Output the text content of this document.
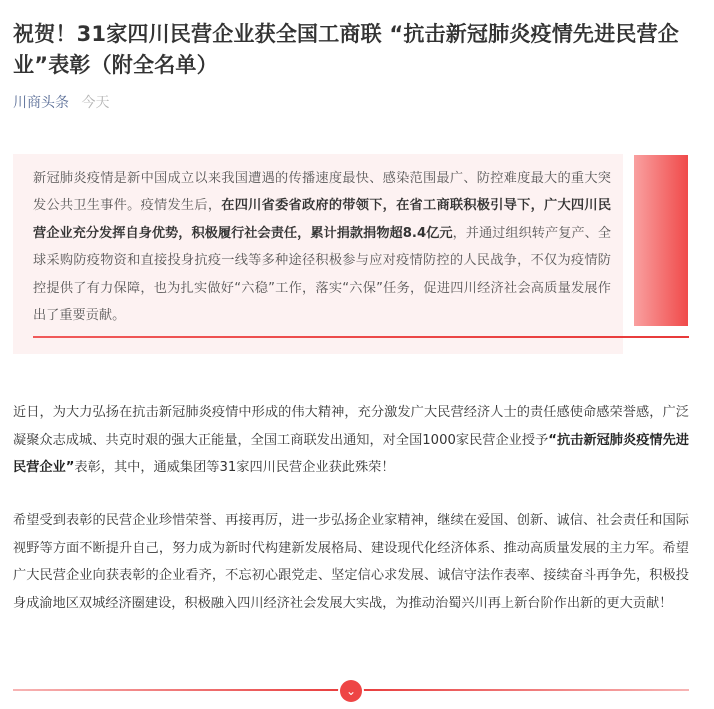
祝贺！31家四川民营企业获全国工商联 “抗击新冠肺炎疫情先进民营企业”表彰（附全名单）
川商头条 今天

新冠肺炎疫情是新中国成立以来我国遭遇的传播速度最快、感染范围最广、防控难度最大的重大突发公共卫生事件。疫情发生后，在四川省委省政府的带领下，在省工商联积极引导下，广大四川民营企业充分发挥自身优势，积极履行社会责任，累计捐款捐物超8.4亿元，并通过组织转产复产、全球采购防疫物资和直接投身抗疫一线等多种途径积极参与应对疫情防控的人民战争，不仅为疫情防控提供了有力保障，也为扎实做好“六稳”工作，落实“六保”任务，促进四川经济社会高质量发展作出了重要贡献。

近日，为大力弘扬在抗击新冠肺炎疫情中形成的伟大精神，充分激发广大民营经济人士的责任感使命感荣誉感，广泛凝聚众志成城、共克时艰的强大正能量，全国工商联发出通知，对全国1000家民营企业授予“抗击新冠肺炎疫情先进民营企业”表彰，其中，通威集团等31家四川民营企业获此殊荣！

希望受到表彰的民营企业珍惜荣誉、再接再厉，进一步弘扬企业家精神，继续在爱国、创新、诚信、社会责任和国际视野等方面不断提升自己，努力成为新时代构建新发展格局、建设现代化经济体系、推动高质量发展的主力军。希望广大民营企业向获表彰的企业看齐，不忘初心跟党走、坚定信心求发展、诚信守法作表率、接续奋斗再争先，积极投身成渝地区双城经济圈建设，积极融入四川经济社会发展大实战，为推动治蜀兴川再上新台阶作出新的更大贡献！

⌄
